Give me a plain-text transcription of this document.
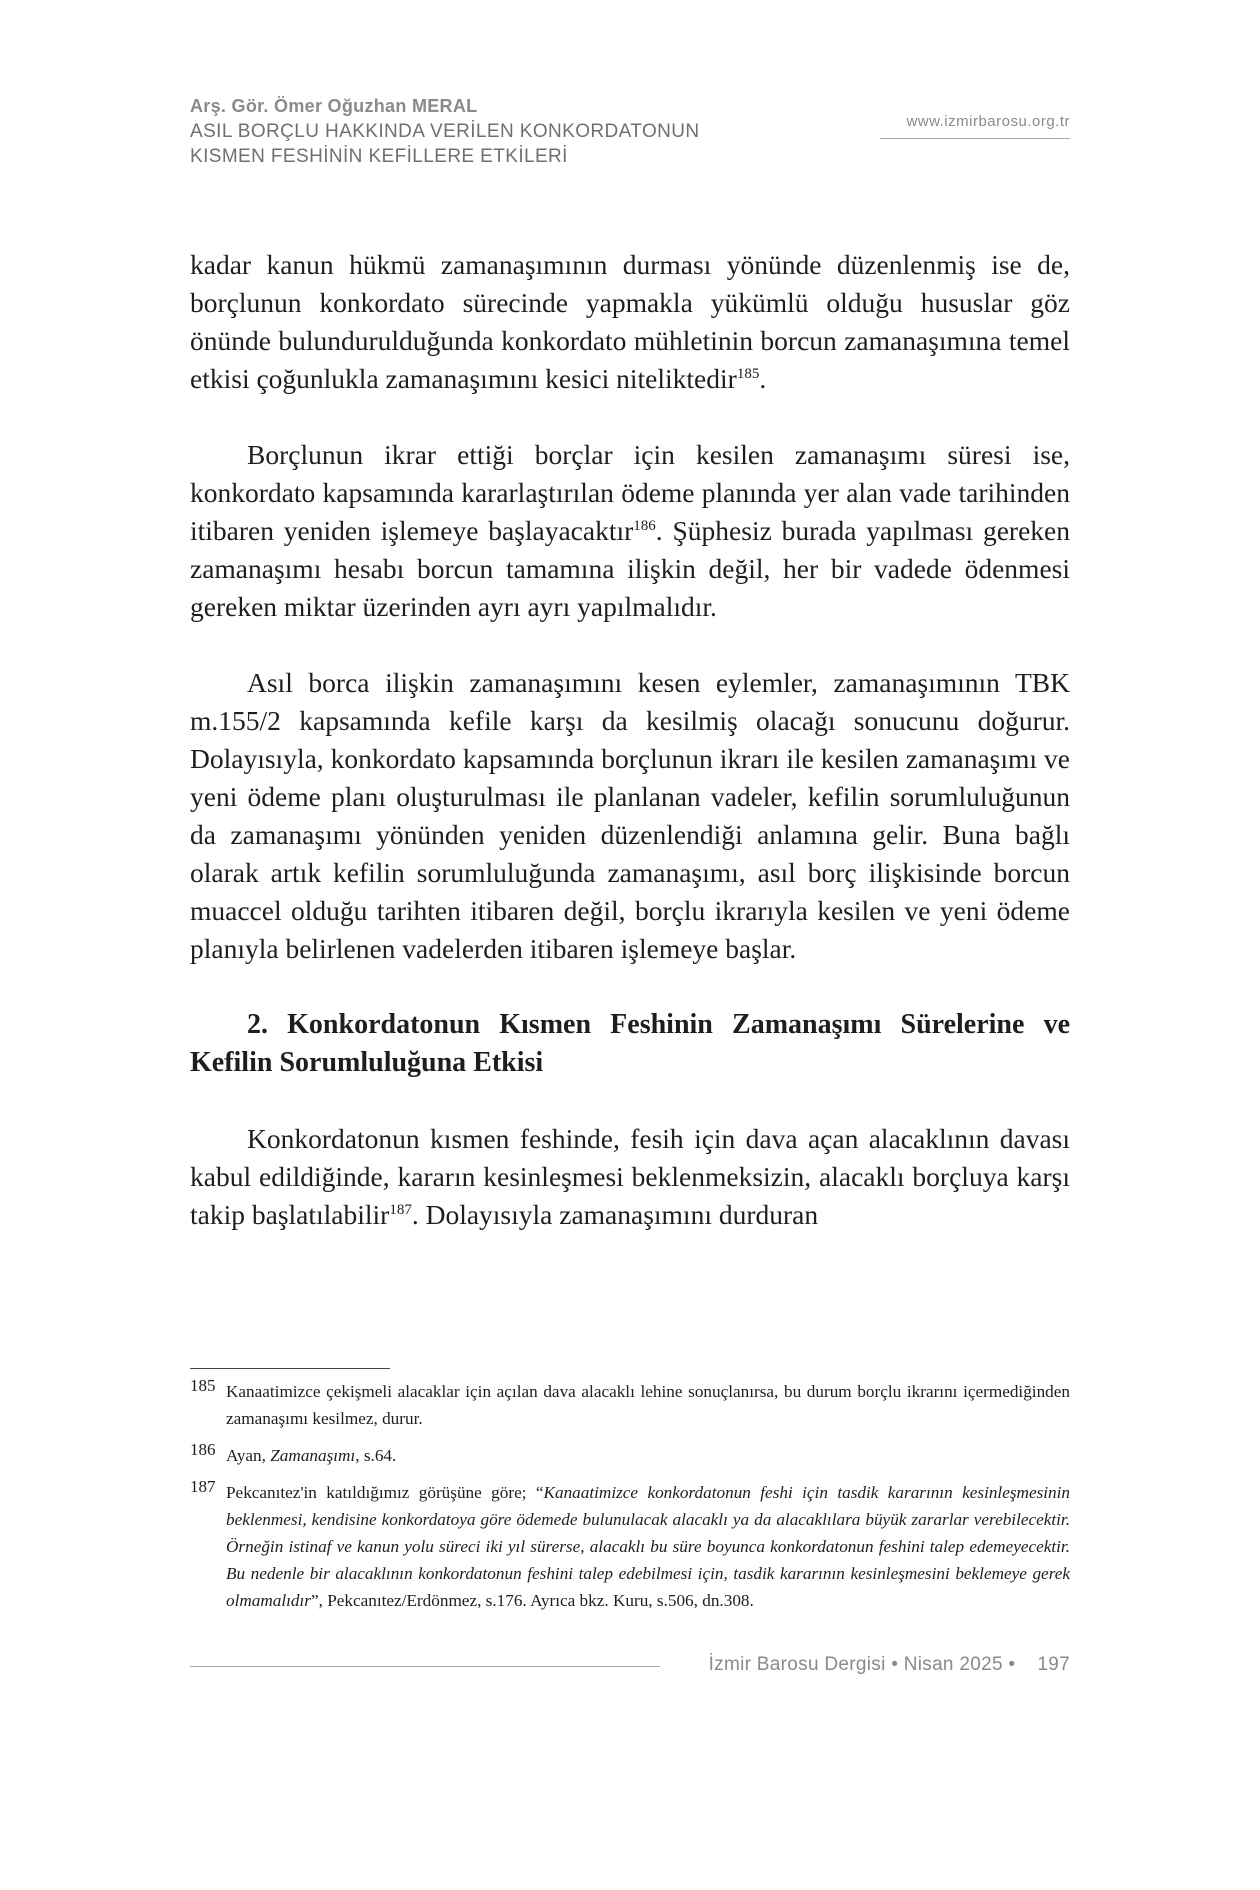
Arş. Gör. Ömer Oğuzhan MERAL
ASIL BORÇLU HAKKINDA VERİLEN KONKORDATONUN
KISMEN FESHİNİN KEFİLLERE ETKİLERİ
www.izmirbarosu.org.tr

kadar kanun hükmü zamanaşımının durması yönünde düzenlenmiş ise de, borçlunun konkordato sürecinde yapmakla yükümlü olduğu hususlar göz önünde bulundurulduğunda konkordato mühletinin borcun zamanaşımına temel etkisi çoğunlukla zamanaşımını kesici niteliktedir$^{185}$.

Borçlunun ikrar ettiği borçlar için kesilen zamanaşımı süresi ise, konkordato kapsamında kararlaştırılan ödeme planında yer alan vade tarihinden itibaren yeniden işlemeye başlayacaktır$^{186}$. Şüphesiz burada yapılması gereken zamanaşımı hesabı borcun tamamına ilişkin değil, her bir vadede ödenmesi gereken miktar üzerinden ayrı ayrı yapılmalıdır.

Asıl borca ilişkin zamanaşımını kesen eylemler, zamanaşımının TBK m.155/2 kapsamında kefile karşı da kesilmiş olacağı sonucunu doğurur. Dolayısıyla, konkordato kapsamında borçlunun ikrarı ile kesilen zamanaşımı ve yeni ödeme planı oluşturulması ile planlanan vadeler, kefilin sorumluluğunun da zamanaşımı yönünden yeniden düzenlendiği anlamına gelir. Buna bağlı olarak artık kefilin sorumluluğunda zamanaşımı, asıl borç ilişkisinde borcun muaccel olduğu tarihten itibaren değil, borçlu ikrarıyla kesilen ve yeni ödeme planıyla belirlenen vadelerden itibaren işlemeye başlar.

2. Konkordatonun Kısmen Feshinin Zamanaşımı Sürelerine ve Kefilin Sorumluluğuna Etkisi

Konkordatonun kısmen feshinde, fesih için dava açan alacaklının davası kabul edildiğinde, kararın kesinleşmesi beklenmeksizin, alacaklı borçluya karşı takip başlatılabilir$^{187}$. Dolayısıyla zamanaşımını durduran

185 Kanaatimizce çekişmeli alacaklar için açılan dava alacaklı lehine sonuçlanırsa, bu durum borçlu ikrarını içermediğinden zamanaşımı kesilmez, durur.
186 Ayan, Zamanaşımı, s.64.
187 Pekcanıtez'in katıldığımız görüşüne göre; “Kanaatimizce konkordatonun feshi için tasdik kararının kesinleşmesinin beklenmesi, kendisine konkordatoya göre ödemede bulunulacak alacaklı ya da alacaklılara büyük zararlar verebilecektir. Örneğin istinaf ve kanun yolu süreci iki yıl sürerse, alacaklı bu süre boyunca konkordatonun feshini talep edemeyecektir. Bu nedenle bir alacaklının konkordatonun feshini talep edebilmesi için, tasdik kararının kesinleşmesini beklemeye gerek olmamalıdır”, Pekcanıtez/Erdönmez, s.176. Ayrıca bkz. Kuru, s.506, dn.308.
İzmir Barosu Dergisi • Nisan 2025 • 197
